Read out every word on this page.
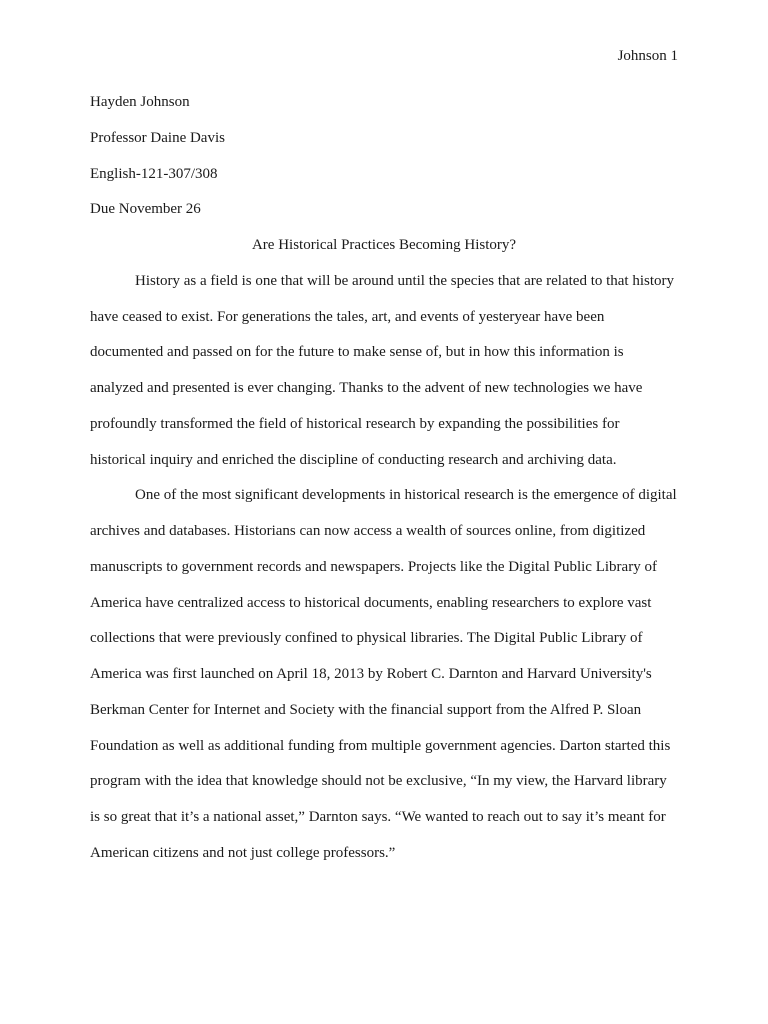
Johnson 1
Hayden Johnson
Professor Daine Davis
English-121-307/308
Due November 26
Are Historical Practices Becoming History?

History as a field is one that will be around until the species that are related to that history have ceased to exist. For generations the tales, art, and events of yesteryear have been documented and passed on for the future to make sense of, but in how this information is analyzed and presented is ever changing. Thanks to the advent of new technologies we have profoundly transformed the field of historical research by expanding the possibilities for historical inquiry and enriched the discipline of conducting research and archiving data.

One of the most significant developments in historical research is the emergence of digital archives and databases. Historians can now access a wealth of sources online, from digitized manuscripts to government records and newspapers. Projects like the Digital Public Library of America have centralized access to historical documents, enabling researchers to explore vast collections that were previously confined to physical libraries. The Digital Public Library of America was first launched on April 18, 2013 by Robert C. Darnton and Harvard University's Berkman Center for Internet and Society with the financial support from the Alfred P. Sloan Foundation as well as additional funding from multiple government agencies. Darton started this program with the idea that knowledge should not be exclusive, “In my view, the Harvard library is so great that it’s a national asset,” Darnton says. “We wanted to reach out to say it’s meant for American citizens and not just college professors.”
